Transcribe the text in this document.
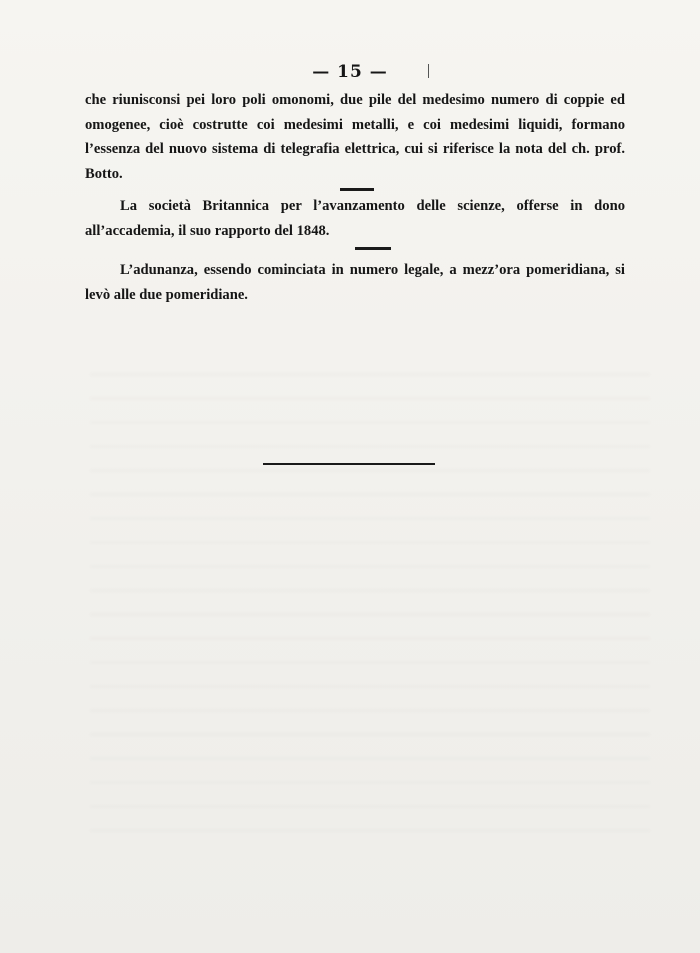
— 15 —
che riunisconsi pei loro poli omonomi, due pile del medesimo numero di coppie ed omogenee, cioè costrutte coi medesimi metalli, e coi medesimi liquidi, formano l’essenza del nuovo sistema di telegrafia elettrica, cui si riferisce la nota del ch. prof. Botto.
La società Britannica per l’avanzamento delle scienze, offerse in dono all’accademia, il suo rapporto del 1848.
L’adunanza, essendo cominciata in numero legale, a mezz’ora pomeridiana, si levò alle due pomeridiane.
